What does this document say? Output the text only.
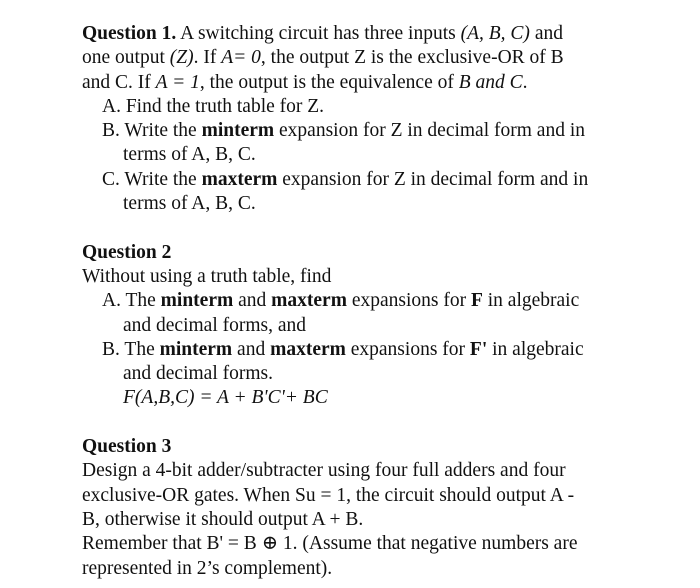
Question 1. A switching circuit has three inputs (A, B, C) and
one output (Z). If A= 0, the output Z is the exclusive-OR of B
and C. If A = 1, the output is the equivalence of B and C.
A. Find the truth table for Z.
B. Write the minterm expansion for Z in decimal form and in
terms of A, B, C.
C. Write the maxterm expansion for Z in decimal form and in
terms of A, B, C.
Question 2
Without using a truth table, find
A. The minterm and maxterm expansions for F in algebraic
and decimal forms, and
B. The minterm and maxterm expansions for F' in algebraic
and decimal forms.
F(A,B,C) = A + B'C'+ BC
Question 3
Design a 4-bit adder/subtracter using four full adders and four
exclusive-OR gates. When Su = 1, the circuit should output A -
B, otherwise it should output A + B.
Remember that B' = B ⊕ 1. (Assume that negative numbers are
represented in 2’s complement).
